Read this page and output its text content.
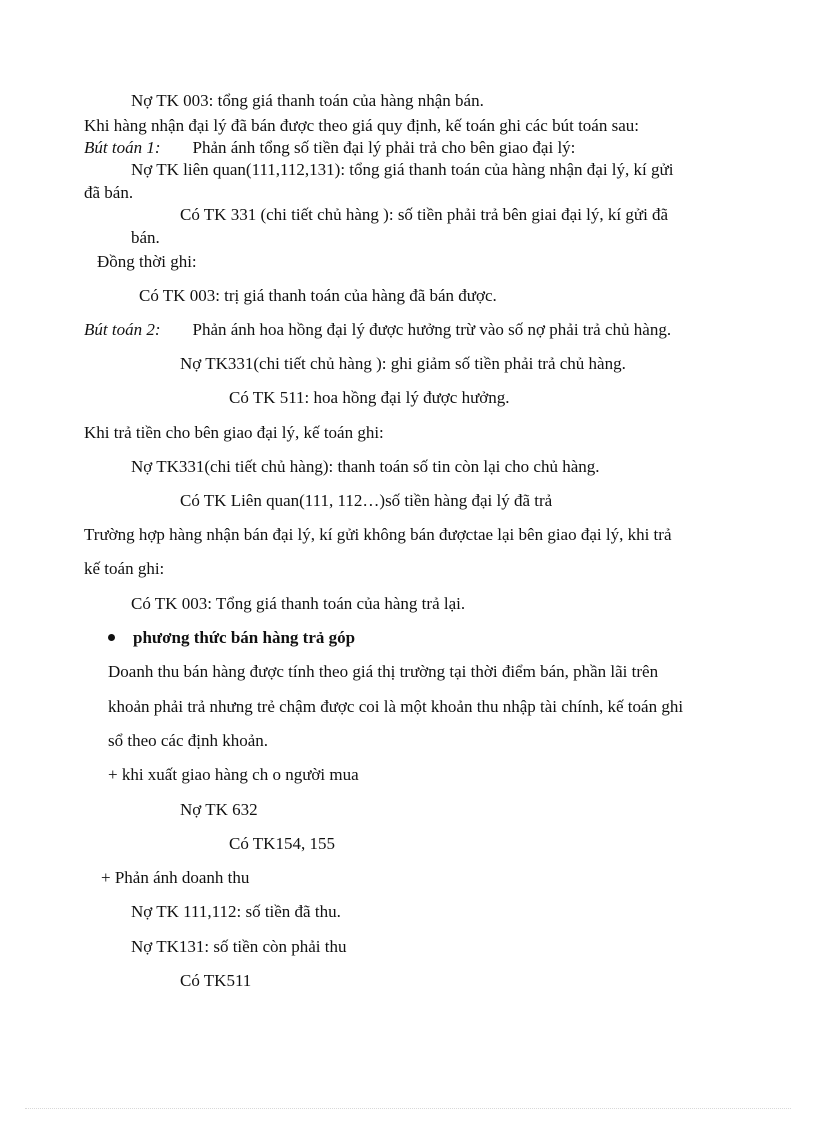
Nợ TK 003: tổng giá thanh toán của hàng nhận bán.

Khi hàng nhận đại lý đã bán được theo giá quy định, kế toán ghi các bút toán sau:

Bút toán 1: Phản ánh tổng số tiền đại lý phải trả cho bên giao đại lý:

Nợ TK liên quan(111,112,131): tổng giá thanh toán của hàng nhận đại lý, kí gửi

đã bán.

Có TK 331 (chi tiết chủ hàng ): số tiền phải trả bên giai đại lý, kí gửi đã

bán.

Đồng thời ghi:

Có TK 003: trị giá thanh toán của hàng đã bán được.

Bút toán 2: Phản ánh hoa hồng đại lý được hưởng trừ vào số nợ phải trả chủ hàng.

Nợ TK331(chi tiết chủ hàng ): ghi giảm số tiền phải trả chủ hàng.

Có TK 511: hoa hồng đại lý được hưởng.

Khi trả tiền cho bên giao đại lý, kế toán ghi:

Nợ TK331(chi tiết chủ hàng): thanh toán số tin còn lại cho chủ hàng.

Có TK Liên quan(111, 112…)số tiền hàng đại lý đã trả

Trường hợp hàng nhận bán đại lý, kí gửi không bán đượctae lại bên giao đại lý, khi trả

kế toán ghi:

Có TK 003: Tổng giá thanh toán của hàng trả lại.

phương thức bán hàng trả góp

Doanh thu bán hàng được tính theo giá thị trường tại thời điểm bán, phần lãi trên

khoản phải trả nhưng trẻ chậm được coi là một khoản thu nhập tài chính, kế toán ghi

sổ theo các định khoản.

+ khi xuất giao hàng ch o người mua

Nợ TK 632

Có TK154, 155

+ Phản ánh doanh thu

Nợ TK 111,112: số tiền đã thu.

Nợ TK131: số tiền còn phải thu

Có TK511
